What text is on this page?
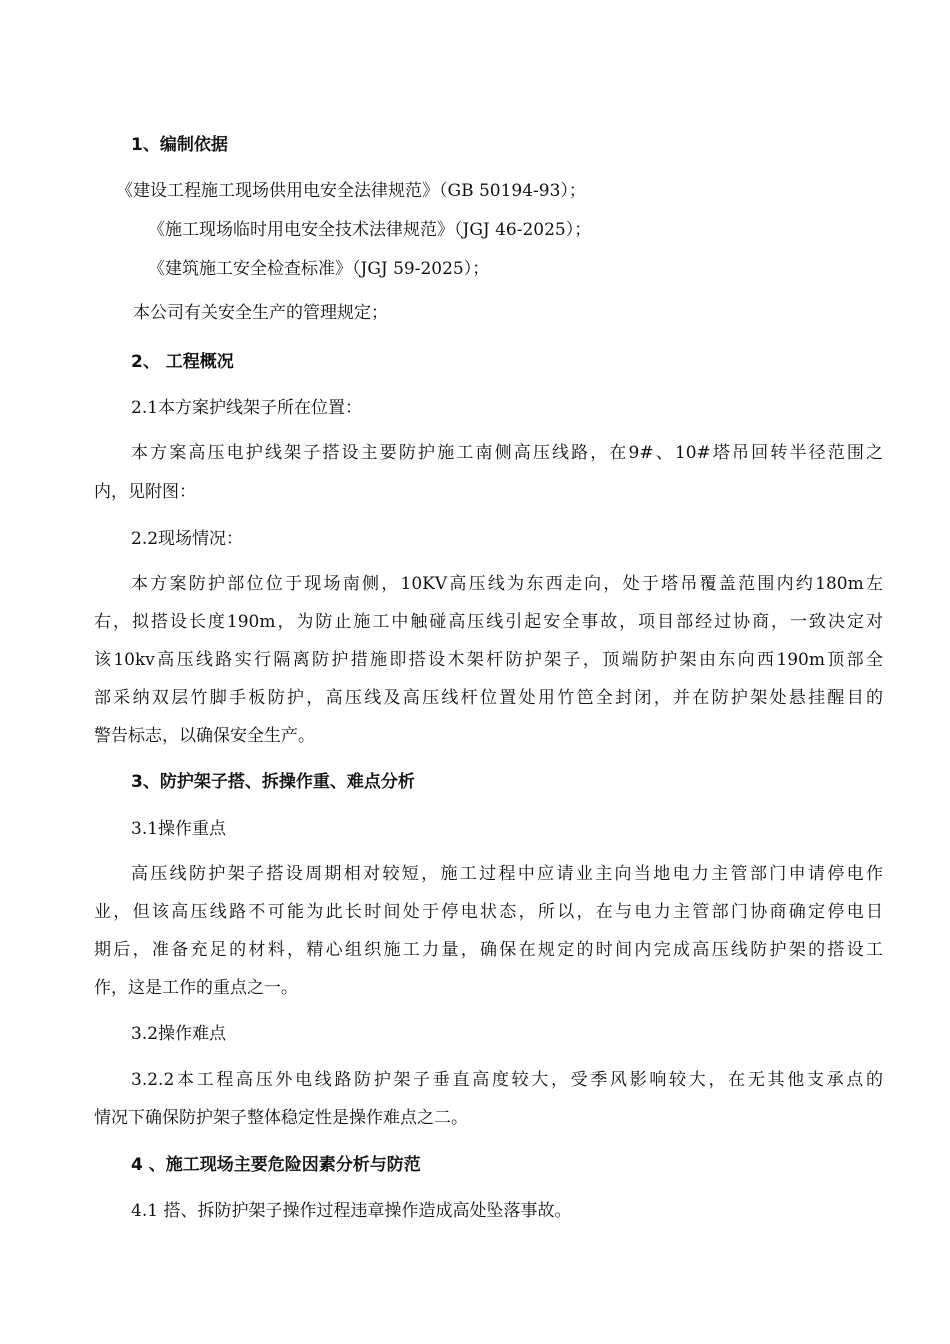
1、编制依据
《建设工程施工现场供用电安全法律规范》（GB 50194-93）；
《施工现场临时用电安全技术法律规范》（JGJ 46-2025）；
《建筑施工安全检查标准》（JGJ 59-2025）；
本公司有关安全生产的管理规定；
2、 工程概况
2.1本方案护线架子所在位置：
本方案高压电护线架子搭设主要防护施工南侧高压线路，在9#、10#塔吊回转半径范围之
内，见附图：
2.2现场情况：
本方案防护部位位于现场南侧，10KV高压线为东西走向，处于塔吊覆盖范围内约180m左
右，拟搭设长度190m，为防止施工中触碰高压线引起安全事故，项目部经过协商，一致决定对
该10kv高压线路实行隔离防护措施即搭设木架杆防护架子，顶端防护架由东向西190m顶部全
部采纳双层竹脚手板防护，高压线及高压线杆位置处用竹笆全封闭，并在防护架处悬挂醒目的
警告标志，以确保安全生产。
3、防护架子搭、拆操作重、难点分析
3.1操作重点
高压线防护架子搭设周期相对较短，施工过程中应请业主向当地电力主管部门申请停电作
业，但该高压线路不可能为此长时间处于停电状态，所以，在与电力主管部门协商确定停电日
期后，准备充足的材料，精心组织施工力量，确保在规定的时间内完成高压线防护架的搭设工
作，这是工作的重点之一。
3.2操作难点
3.2.2本工程高压外电线路防护架子垂直高度较大，受季风影响较大，在无其他支承点的
情况下确保防护架子整体稳定性是操作难点之二。
4 、施工现场主要危险因素分析与防范
4.1 搭、拆防护架子操作过程违章操作造成高处坠落事故。
